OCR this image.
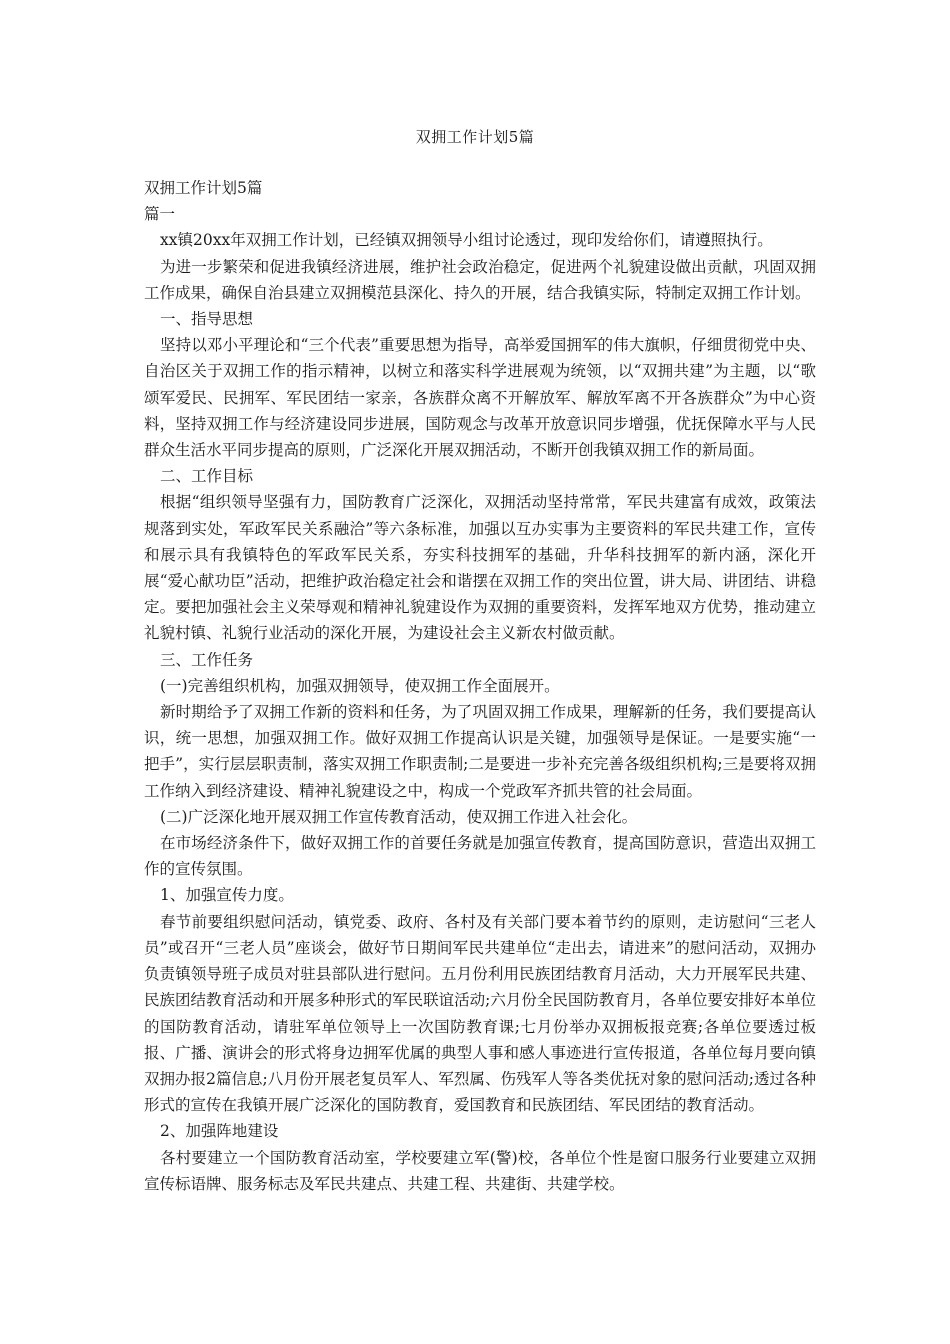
双拥工作计划5篇

双拥工作计划5篇

篇一

xx镇20xx年双拥工作计划，已经镇双拥领导小组讨论透过，现印发给你们，请遵照执行。

为进一步繁荣和促进我镇经济进展，维护社会政治稳定，促进两个礼貌建设做出贡献，巩固双拥工作成果，确保自治县建立双拥模范县深化、持久的开展，结合我镇实际，特制定双拥工作计划。

一、指导思想

坚持以邓小平理论和“三个代表”重要思想为指导，高举爱国拥军的伟大旗帜，仔细贯彻党中央、自治区关于双拥工作的指示精神，以树立和落实科学进展观为统领，以“双拥共建”为主题，以“歌颂军爱民、民拥军、军民团结一家亲，各族群众离不开解放军、解放军离不开各族群众”为中心资料，坚持双拥工作与经济建设同步进展，国防观念与改革开放意识同步增强，优抚保障水平与人民群众生活水平同步提高的原则，广泛深化开展双拥活动，不断开创我镇双拥工作的新局面。

二、工作目标

根据“组织领导坚强有力，国防教育广泛深化，双拥活动坚持常常，军民共建富有成效，政策法规落到实处，军政军民关系融洽”等六条标准，加强以互办实事为主要资料的军民共建工作，宣传和展示具有我镇特色的军政军民关系，夯实科技拥军的基础，升华科技拥军的新内涵，深化开展“爱心献功臣”活动，把维护政治稳定社会和谐摆在双拥工作的突出位置，讲大局、讲团结、讲稳定。要把加强社会主义荣辱观和精神礼貌建设作为双拥的重要资料，发挥军地双方优势，推动建立礼貌村镇、礼貌行业活动的深化开展，为建设社会主义新农村做贡献。

三、工作任务

(一)完善组织机构，加强双拥领导，使双拥工作全面展开。

新时期给予了双拥工作新的资料和任务，为了巩固双拥工作成果，理解新的任务，我们要提高认识，统一思想，加强双拥工作。做好双拥工作提高认识是关键，加强领导是保证。一是要实施“一把手”，实行层层职责制，落实双拥工作职责制;二是要进一步补充完善各级组织机构;三是要将双拥工作纳入到经济建设、精神礼貌建设之中，构成一个党政军齐抓共管的社会局面。

(二)广泛深化地开展双拥工作宣传教育活动，使双拥工作进入社会化。

在市场经济条件下，做好双拥工作的首要任务就是加强宣传教育，提高国防意识，营造出双拥工作的宣传氛围。

1、加强宣传力度。

春节前要组织慰问活动，镇党委、政府、各村及有关部门要本着节约的原则，走访慰问“三老人员”或召开“三老人员”座谈会，做好节日期间军民共建单位“走出去，请进来”的慰问活动，双拥办负责镇领导班子成员对驻县部队进行慰问。五月份利用民族团结教育月活动，大力开展军民共建、民族团结教育活动和开展多种形式的军民联谊活动;六月份全民国防教育月，各单位要安排好本单位的国防教育活动，请驻军单位领导上一次国防教育课;七月份举办双拥板报竞赛;各单位要透过板报、广播、演讲会的形式将身边拥军优属的典型人事和感人事迹进行宣传报道，各单位每月要向镇双拥办报2篇信息;八月份开展老复员军人、军烈属、伤残军人等各类优抚对象的慰问活动;透过各种形式的宣传在我镇开展广泛深化的国防教育，爱国教育和民族团结、军民团结的教育活动。

2、加强阵地建设

各村要建立一个国防教育活动室，学校要建立军(警)校，各单位个性是窗口服务行业要建立双拥宣传标语牌、服务标志及军民共建点、共建工程、共建街、共建学校。
